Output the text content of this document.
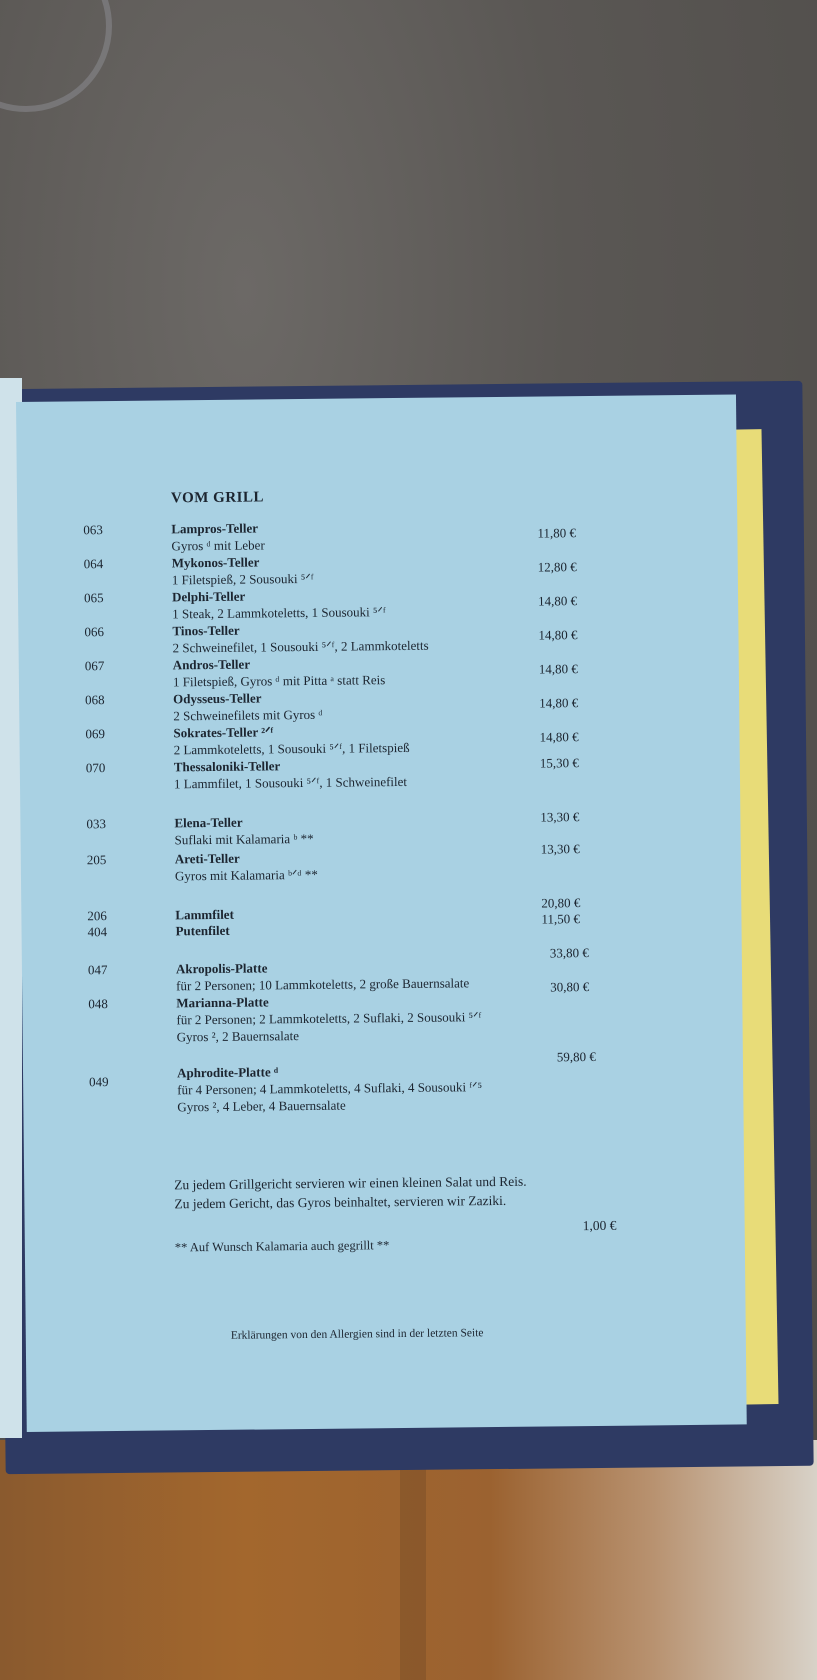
VOM GRILL
063	Lampros-Teller
Gyros ᵈ mit Leber
11,80 €
064	Mykonos-Teller
1 Filetspieß, 2 Sousouki ⁵ᐟᶠ
12,80 €
065	Delphi-Teller
1 Steak, 2 Lammkoteletts, 1 Sousouki ⁵ᐟᶠ
14,80 €
066	Tinos-Teller
2 Schweinefilet, 1 Sousouki ⁵ᐟᶠ, 2 Lammkoteletts
14,80 €
067	Andros-Teller
1 Filetspieß, Gyros ᵈ mit Pitta ᵃ statt Reis
14,80 €
068	Odysseus-Teller
2 Schweinefilets mit Gyros ᵈ
14,80 €
069	Sokrates-Teller ²ᐟᶠ
2 Lammkoteletts, 1 Sousouki ⁵ᐟᶠ, 1 Filetspieß
14,80 €
070	Thessaloniki-Teller
1 Lammfilet, 1 Sousouki ⁵ᐟᶠ, 1 Schweinefilet
15,30 €
033	Elena-Teller
Suflaki mit Kalamaria ᵇ **
13,30 €
205	Areti-Teller
Gyros mit Kalamaria ᵇᐟᵈ **
13,30 €
206	Lammfilet
20,80 €
404	Putenfilet
11,50 €
047	Akropolis-Platte
für 2 Personen; 10 Lammkoteletts, 2 große Bauernsalate
33,80 €
048	Marianna-Platte
für 2 Personen; 2 Lammkoteletts, 2 Suflaki, 2 Sousouki ⁵ᐟᶠ
Gyros ², 2 Bauernsalate
30,80 €
049
Aphrodite-Platte ᵈ
für 4 Personen; 4 Lammkoteletts, 4 Suflaki, 4 Sousouki ᶠᐟ⁵
Gyros ², 4 Leber, 4 Bauernsalate
59,80 €
Zu jedem Grillgericht servieren wir einen kleinen Salat und Reis.
Zu jedem Gericht, das Gyros beinhaltet, servieren wir Zaziki.
** Auf Wunsch Kalamaria auch gegrillt **
1,00 €
Erklärungen von den Allergien sind in der letzten Seite
